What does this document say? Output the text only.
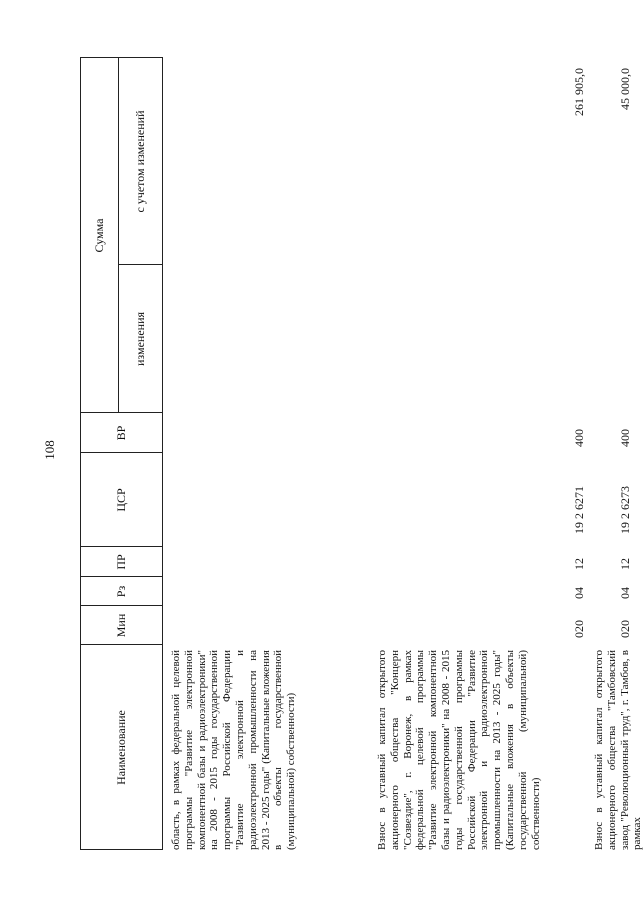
108
Наименование
Мин
Рз
ПР
ЦСР
ВР
Сумма
изменения
с учетом изменений
область, в рамках федеральной целевой программы "Развитие электронной компонентной базы и радиоэлектроники" на 2008 - 2015 годы государственной программы Российской Федерации "Развитие электронной и радиоэлектронной промышленности на 2013 - 2025 годы" (Капитальные вложения в объекты государственной (муниципальной) собственности)	Взнос в уставный капитал открытого акционерного общества "Концерн "Созвездие", г. Воронеж, в рамках федеральной целевой программы "Развитие электронной компонентной базы и радиоэлектроники" на 2008 - 2015 годы государственной программы Российской Федерации "Развитие электронной и радиоэлектронной промышленности на 2013 - 2025 годы" (Капитальные вложения в объекты государственной (муниципальной) собственности)
020
04
12
19 2 6271
400
261 905,0
Взнос в уставный капитал открытого акционерного общества "Тамбовский завод "Революционный труд", г. Тамбов, в рамках
020
04
12
19 2 6273
400
45 000,0
